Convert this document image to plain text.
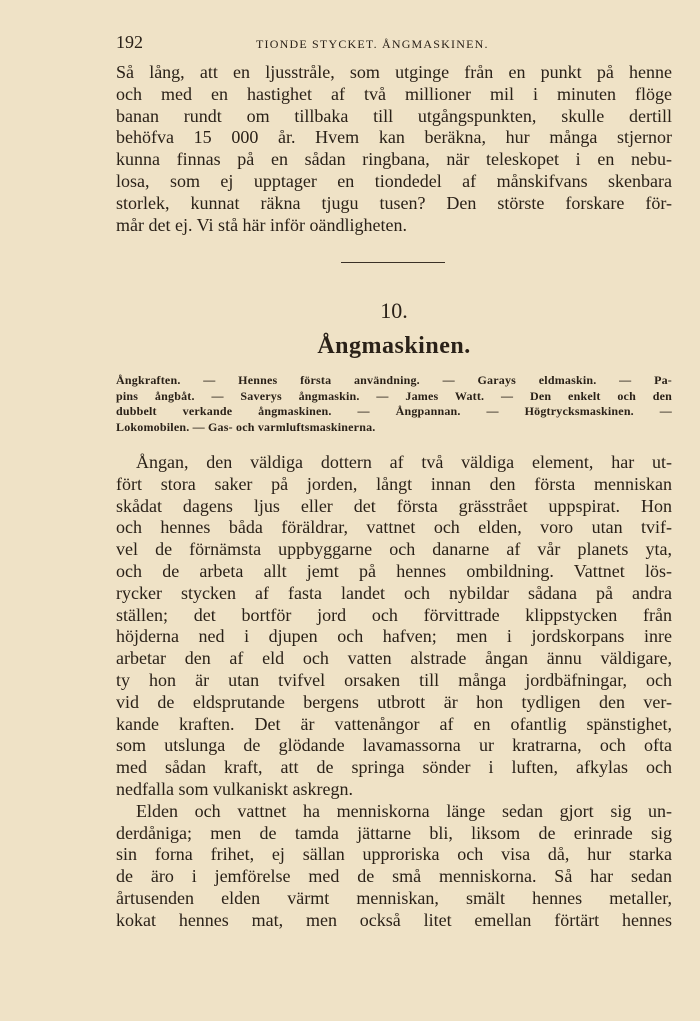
192	TIONDE STYCKET. ÅNGMASKINEN.
Så lång, att en ljusstråle, som utginge från en punkt på henne
och med en hastighet af två millioner mil i minuten flöge
banan rundt om tillbaka till utgångspunkten, skulle dertill
behöfva 15 000 år. Hvem kan beräkna, hur många stjernor
kunna finnas på en sådan ringbana, när teleskopet i en nebu-
losa, som ej upptager en tiondedel af månskifvans skenbara
storlek, kunnat räkna tjugu tusen? Den störste forskare för-
mår det ej. Vi stå här inför oändligheten.
10.
Ångmaskinen.
Ångkraften. — Hennes första användning. — Garays eldmaskin. — Pa-
pins ångbåt. — Saverys ångmaskin. — James Watt. — Den enkelt och den
dubbelt verkande ångmaskinen. — Ångpannan. — Högtrycksmaskinen. —
Lokomobilen. — Gas- och varmluftsmaskinerna.
Ångan, den väldiga dottern af två väldiga element, har ut-
fört stora saker på jorden, långt innan den första menniskan
skådat dagens ljus eller det första grässtrået uppspirat. Hon
och hennes båda föräldrar, vattnet och elden, voro utan tvif-
vel de förnämsta uppbyggarne och danarne af vår planets yta,
och de arbeta allt jemt på hennes ombildning. Vattnet lös-
rycker stycken af fasta landet och nybildar sådana på andra
ställen; det bortför jord och förvittrade klippstycken från
höjderna ned i djupen och hafven; men i jordskorpans inre
arbetar den af eld och vatten alstrade ångan ännu väldigare,
ty hon är utan tvifvel orsaken till många jordbäfningar, och
vid de eldsprutande bergens utbrott är hon tydligen den ver-
kande kraften. Det är vattenångor af en ofantlig spänstighet,
som utslunga de glödande lavamassorna ur kratrarna, och ofta
med sådan kraft, att de springa sönder i luften, afkylas och
nedfalla som vulkaniskt askregn.
Elden och vattnet ha menniskorna länge sedan gjort sig un-
derdåniga; men de tamda jättarne bli, liksom de erinrade sig
sin forna frihet, ej sällan upproriska och visa då, hur starka
de äro i jemförelse med de små menniskorna. Så har sedan
årtusenden elden värmt menniskan, smält hennes metaller,
kokat hennes mat, men också litet emellan förtärt hennes
